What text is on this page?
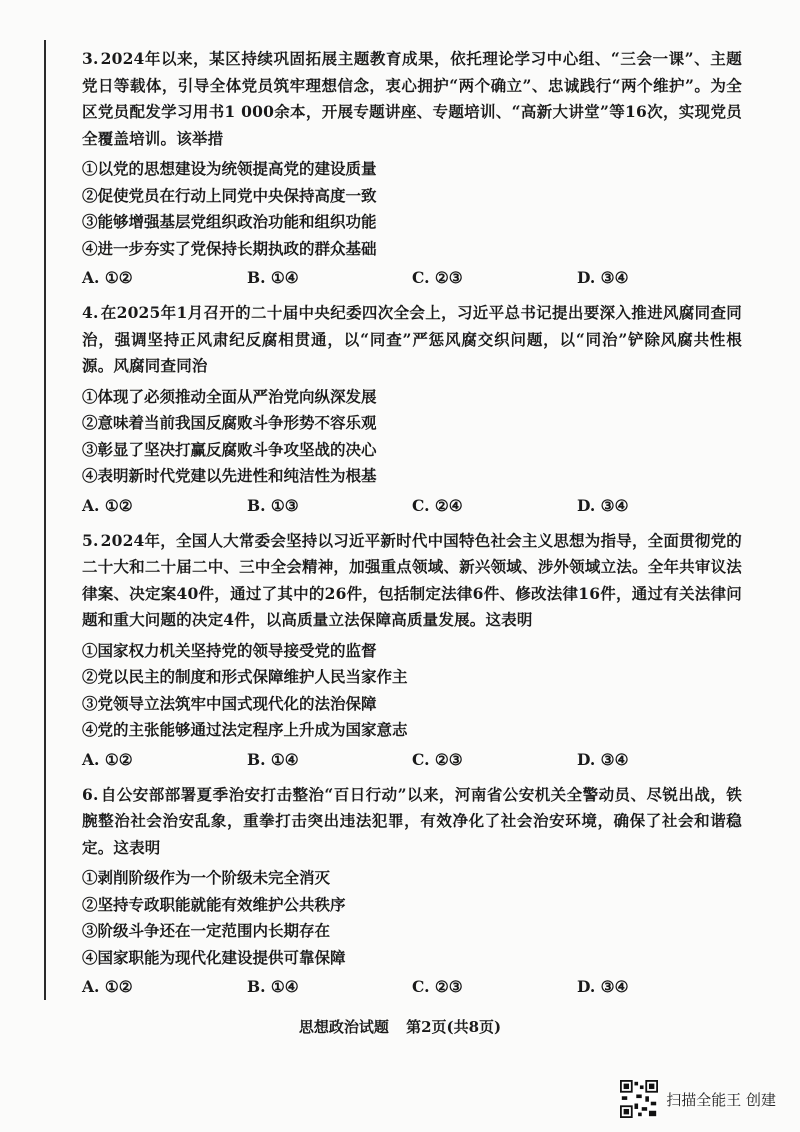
3. 2024年以来，某区持续巩固拓展主题教育成果，依托理论学习中心组、“三会一课”、主题党日等载体，引导全体党员筑牢理想信念，衷心拥护“两个确立”、忠诚践行“两个维护”。为全区党员配发学习用书1 000余本，开展专题讲座、专题培训、“高新大讲堂”等16次，实现党员全覆盖培训。该举措

①以党的思想建设为统领提高党的建设质量

②促使党员在行动上同党中央保持高度一致

③能够增强基层党组织政治功能和组织功能

④进一步夯实了党保持长期执政的群众基础

A. ①②	B. ①④	C. ②③	D. ③④

4. 在2025年1月召开的二十届中央纪委四次全会上，习近平总书记提出要深入推进风腐同查同治，强调坚持正风肃纪反腐相贯通，以“同查”严惩风腐交织问题，以“同治”铲除风腐共性根源。风腐同查同治

①体现了必须推动全面从严治党向纵深发展

②意味着当前我国反腐败斗争形势不容乐观

③彰显了坚决打赢反腐败斗争攻坚战的决心

④表明新时代党建以先进性和纯洁性为根基

A. ①②	B. ①③	C. ②④	D. ③④

5. 2024年，全国人大常委会坚持以习近平新时代中国特色社会主义思想为指导，全面贯彻党的二十大和二十届二中、三中全会精神，加强重点领域、新兴领域、涉外领域立法。全年共审议法律案、决定案40件，通过了其中的26件，包括制定法律6件、修改法律16件，通过有关法律问题和重大问题的决定4件，以高质量立法保障高质量发展。这表明

①国家权力机关坚持党的领导接受党的监督

②党以民主的制度和形式保障维护人民当家作主

③党领导立法筑牢中国式现代化的法治保障

④党的主张能够通过法定程序上升成为国家意志

A. ①②	B. ①④	C. ②③	D. ③④

6. 自公安部部署夏季治安打击整治“百日行动”以来，河南省公安机关全警动员、尽锐出战，铁腕整治社会治安乱象，重拳打击突出违法犯罪，有效净化了社会治安环境，确保了社会和谐稳定。这表明

①剥削阶级作为一个阶级未完全消灭

②坚持专政职能就能有效维护公共秩序

③阶级斗争还在一定范围内长期存在

④国家职能为现代化建设提供可靠保障

A. ①②	B. ①④	C. ②③	D. ③④
思想政治试题 第2页(共8页)
扫描全能王 创建
